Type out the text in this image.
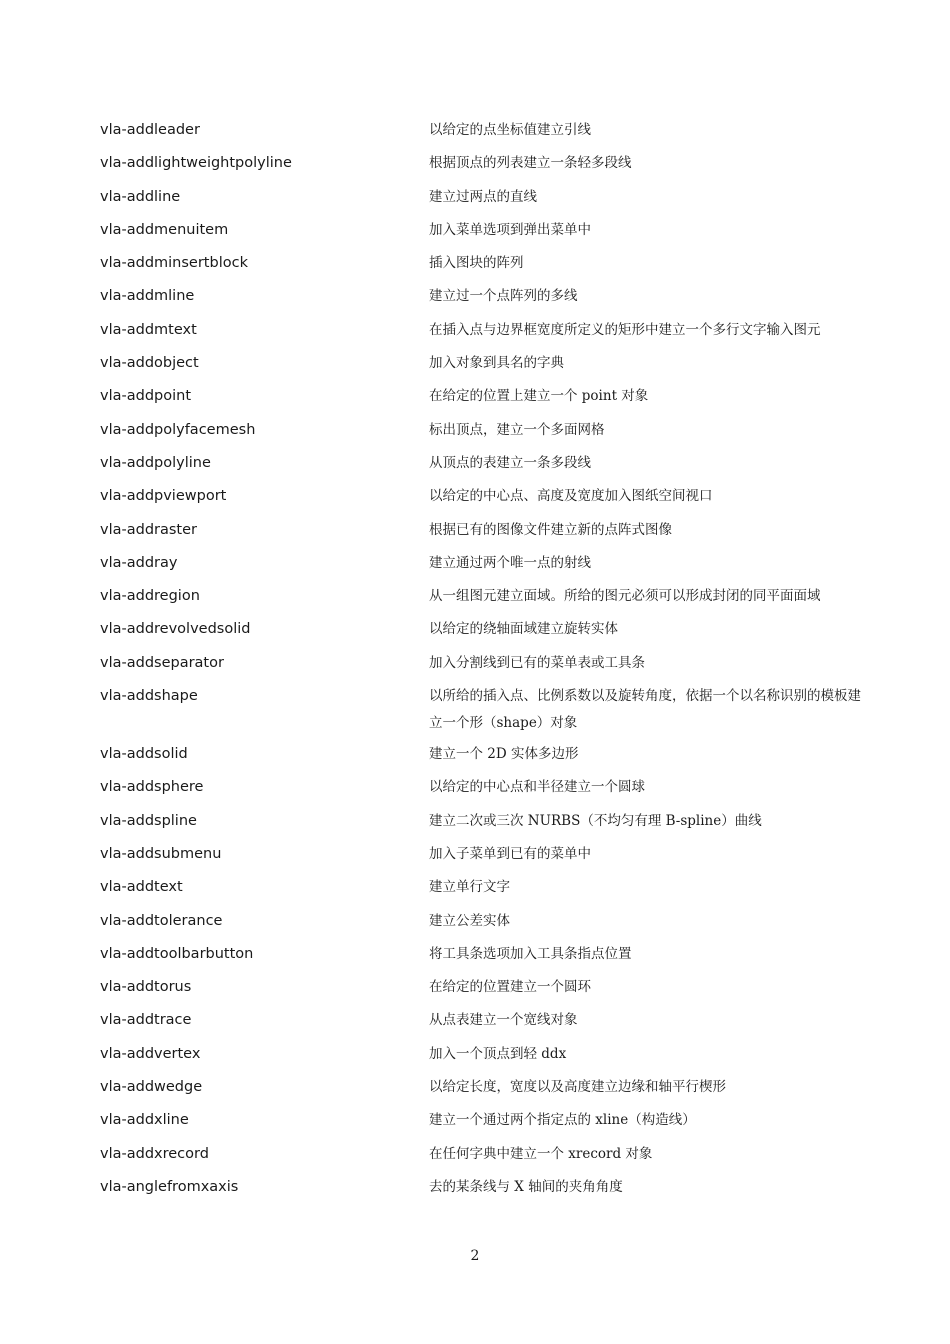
vla-addleader	以给定的点坐标值建立引线
vla-addlightweightpolyline	根据顶点的列表建立一条轻多段线
vla-addline	建立过两点的直线
vla-addmenuitem	加入菜单选项到弹出菜单中
vla-addminsertblock	插入图块的阵列
vla-addmline	建立过一个点阵列的多线
vla-addmtext	在插入点与边界框宽度所定义的矩形中建立一个多行文字输入图元
vla-addobject	加入对象到具名的字典
vla-addpoint	在给定的位置上建立一个 point 对象
vla-addpolyfacemesh	标出顶点，建立一个多面网格
vla-addpolyline	从顶点的表建立一条多段线
vla-addpviewport	以给定的中心点、高度及宽度加入图纸空间视口
vla-addraster	根据已有的图像文件建立新的点阵式图像
vla-addray	建立通过两个唯一点的射线
vla-addregion	从一组图元建立面域。所给的图元必须可以形成封闭的同平面面域
vla-addrevolvedsolid	以给定的绕轴面域建立旋转实体
vla-addseparator	加入分割线到已有的菜单表或工具条
vla-addshape	以所给的插入点、比例系数以及旋转角度，依据一个以名称识别的模板建立一个形（shape）对象
vla-addsolid	建立一个 2D 实体多边形
vla-addsphere	以给定的中心点和半径建立一个圆球
vla-addspline	建立二次或三次 NURBS（不均匀有理 B-spline）曲线
vla-addsubmenu	加入子菜单到已有的菜单中
vla-addtext	建立单行文字
vla-addtolerance	建立公差实体
vla-addtoolbarbutton	将工具条选项加入工具条指点位置
vla-addtorus	在给定的位置建立一个圆环
vla-addtrace	从点表建立一个宽线对象
vla-addvertex	加入一个顶点到轻 ddx
vla-addwedge	以给定长度，宽度以及高度建立边缘和轴平行楔形
vla-addxline	建立一个通过两个指定点的 xline（构造线）
vla-addxrecord	在任何字典中建立一个 xrecord 对象
vla-anglefromxaxis	去的某条线与 X 轴间的夹角角度
2
